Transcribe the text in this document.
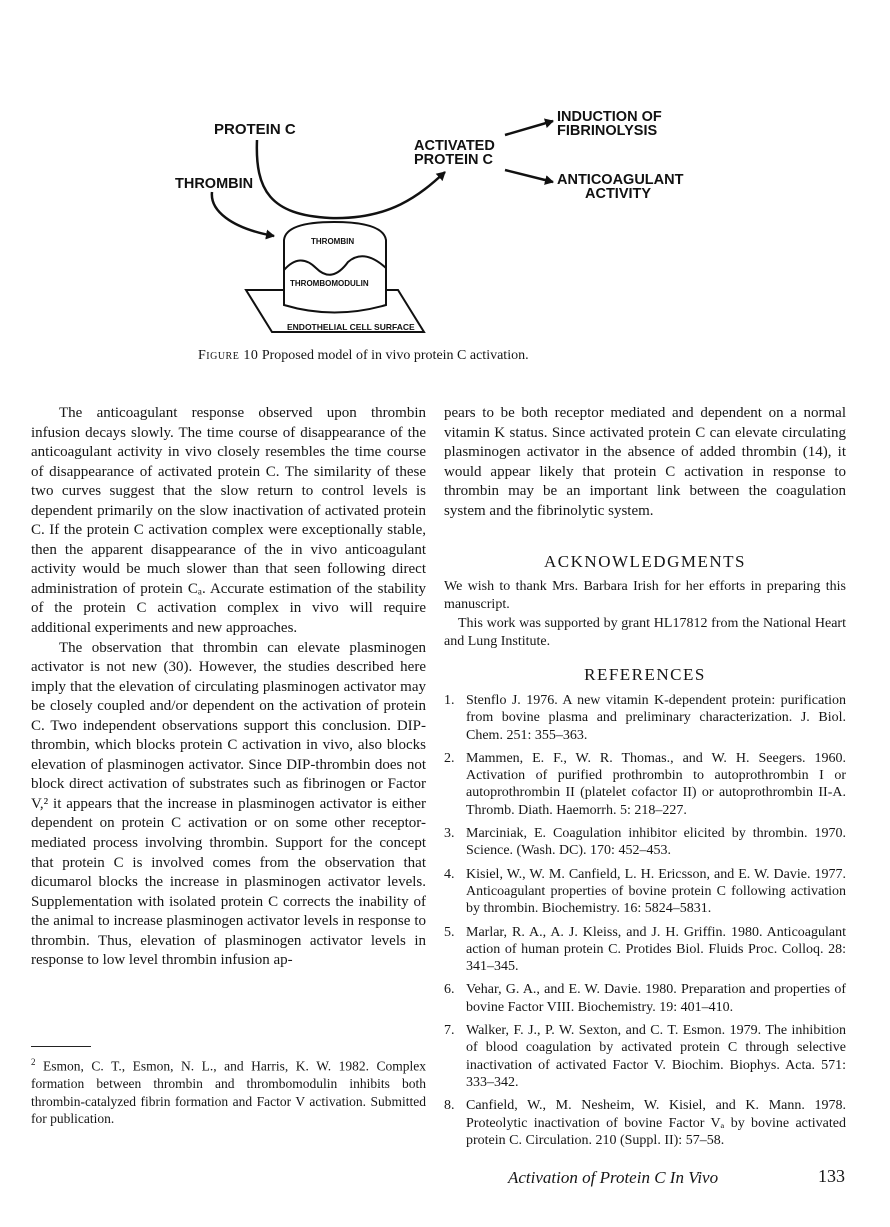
PROTEIN C
THROMBIN
ACTIVATED
PROTEIN C
INDUCTION OF
FIBRINOLYSIS
ANTICOAGULANT
ACTIVITY
THROMBIN
THROMBOMODULIN
ENDOTHELIAL CELL SURFACE
Figure 10 Proposed model of in vivo protein C activation.

The anticoagulant response observed upon thrombin infusion decays slowly. The time course of disappearance of the anticoagulant activity in vivo closely resembles the time course of disappearance of activated protein C. The similarity of these two curves suggest that the slow return to control levels is dependent primarily on the slow inactivation of activated protein C. If the protein C activation complex were exceptionally stable, then the apparent disappearance of the in vivo anticoagulant activity would be much slower than that seen following direct administration of protein Cₐ. Accurate estimation of the stability of the protein C activation complex in vivo will require additional experiments and new approaches.

The observation that thrombin can elevate plasminogen activator is not new (30). However, the studies described here imply that the elevation of circulating plasminogen activator may be closely coupled and/or dependent on the activation of protein C. Two independent observations support this conclusion. DIP-thrombin, which blocks protein C activation in vivo, also blocks elevation of plasminogen activator. Since DIP-thrombin does not block direct activation of substrates such as fibrinogen or Factor V,² it appears that the increase in plasminogen activator is either dependent on protein C activation or on some other receptor-mediated process involving thrombin. Support for the concept that protein C is involved comes from the observation that dicumarol blocks the increase in plasminogen activator levels. Supplementation with isolated protein C corrects the inability of the animal to increase plasminogen activator levels in response to thrombin. Thus, elevation of plasminogen activator levels in response to low level thrombin infusion ap-

$^2$ Esmon, C. T., Esmon, N. L., and Harris, K. W. 1982. Complex formation between thrombin and thrombomodulin inhibits both thrombin-catalyzed fibrin formation and Factor V activation. Submitted for publication.

pears to be both receptor mediated and dependent on a normal vitamin K status. Since activated protein C can elevate circulating plasminogen activator in the absence of added thrombin (14), it would appear likely that protein C activation in response to thrombin may be an important link between the coagulation system and the fibrinolytic system.

ACKNOWLEDGMENTS

We wish to thank Mrs. Barbara Irish for her efforts in preparing this manuscript.

This work was supported by grant HL17812 from the National Heart and Lung Institute.

REFERENCES
1. Stenflo J. 1976. A new vitamin K-dependent protein: purification from bovine plasma and preliminary characterization. J. Biol. Chem. 251: 355–363.
2. Mammen, E. F., W. R. Thomas., and W. H. Seegers. 1960. Activation of purified prothrombin to autoprothrombin I or autoprothrombin II (platelet cofactor II) or autoprothrombin II-A. Thromb. Diath. Haemorrh. 5: 218–227.
3. Marciniak, E. Coagulation inhibitor elicited by thrombin. 1970. Science. (Wash. DC). 170: 452–453.
4. Kisiel, W., W. M. Canfield, L. H. Ericsson, and E. W. Davie. 1977. Anticoagulant properties of bovine protein C following activation by thrombin. Biochemistry. 16: 5824–5831.
5. Marlar, R. A., A. J. Kleiss, and J. H. Griffin. 1980. Anticoagulant action of human protein C. Protides Biol. Fluids Proc. Colloq. 28: 341–345.
6. Vehar, G. A., and E. W. Davie. 1980. Preparation and properties of bovine Factor VIII. Biochemistry. 19: 401–410.
7. Walker, F. J., P. W. Sexton, and C. T. Esmon. 1979. The inhibition of blood coagulation by activated protein C through selective inactivation of activated Factor V. Biochim. Biophys. Acta. 571: 333–342.
8. Canfield, W., M. Nesheim, W. Kisiel, and K. Mann. 1978. Proteolytic inactivation of bovine Factor Vₐ by bovine activated protein C. Circulation. 210 (Suppl. II): 57–58.
Activation of Protein C In Vivo	133
